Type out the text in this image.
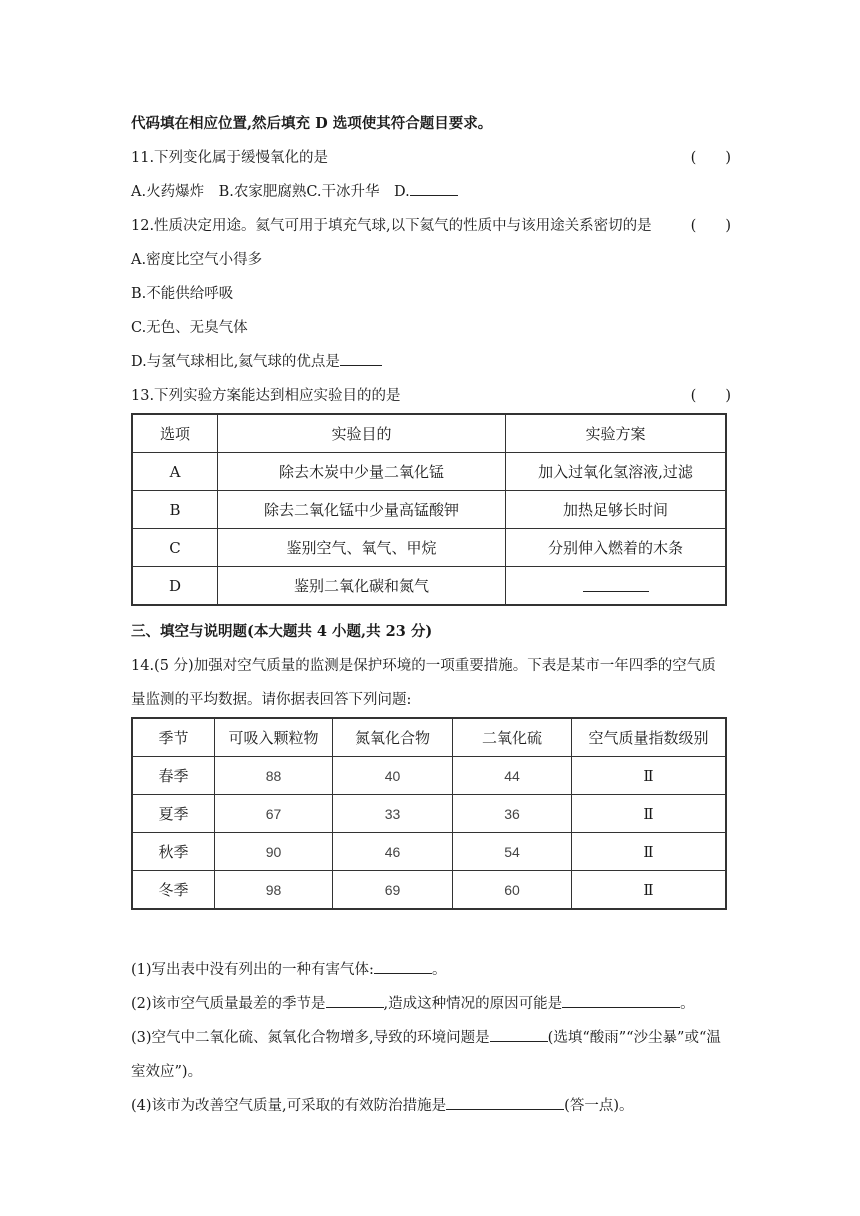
代码填在相应位置,然后填充 D 选项使其符合题目要求。
11.下列变化属于缓慢氧化的是	(　　)
A.火药爆炸　B.农家肥腐熟C.干冰升华　D.
12.性质决定用途。氦气可用于填充气球,以下氦气的性质中与该用途关系密切的是	(　　)
A.密度比空气小得多
B.不能供给呼吸
C.无色、无臭气体
D.与氢气球相比,氦气球的优点是
13.下列实验方案能达到相应实验目的的是	(　　)
选项	实验目的	实验方案
A	除去木炭中少量二氧化锰	加入过氧化氢溶液,过滤
B	除去二氧化锰中少量高锰酸钾	加热足够长时间
C	鉴别空气、氧气、甲烷	分别伸入燃着的木条
D	鉴别二氧化碳和氮气	
三、填空与说明题(本大题共 4 小题,共 23 分)
14.(5 分)加强对空气质量的监测是保护环境的一项重要措施。下表是某市一年四季的空气质
量监测的平均数据。请你据表回答下列问题:
季节	可吸入颗粒物	氮氧化合物	二氧化硫	空气质量指数级别
春季	88	40	44	Ⅱ
夏季	67	33	36	Ⅱ
秋季	90	46	54	Ⅱ
冬季	98	69	60	Ⅱ
(1)写出表中没有列出的一种有害气体:	。
(2)该市空气质量最差的季节是	,造成这种情况的原因可能是	。
(3)空气中二氧化硫、氮氧化合物增多,导致的环境问题是	(选填“酸雨”“沙尘暴”或“温
室效应”)。
(4)该市为改善空气质量,可采取的有效防治措施是	(答一点)。
